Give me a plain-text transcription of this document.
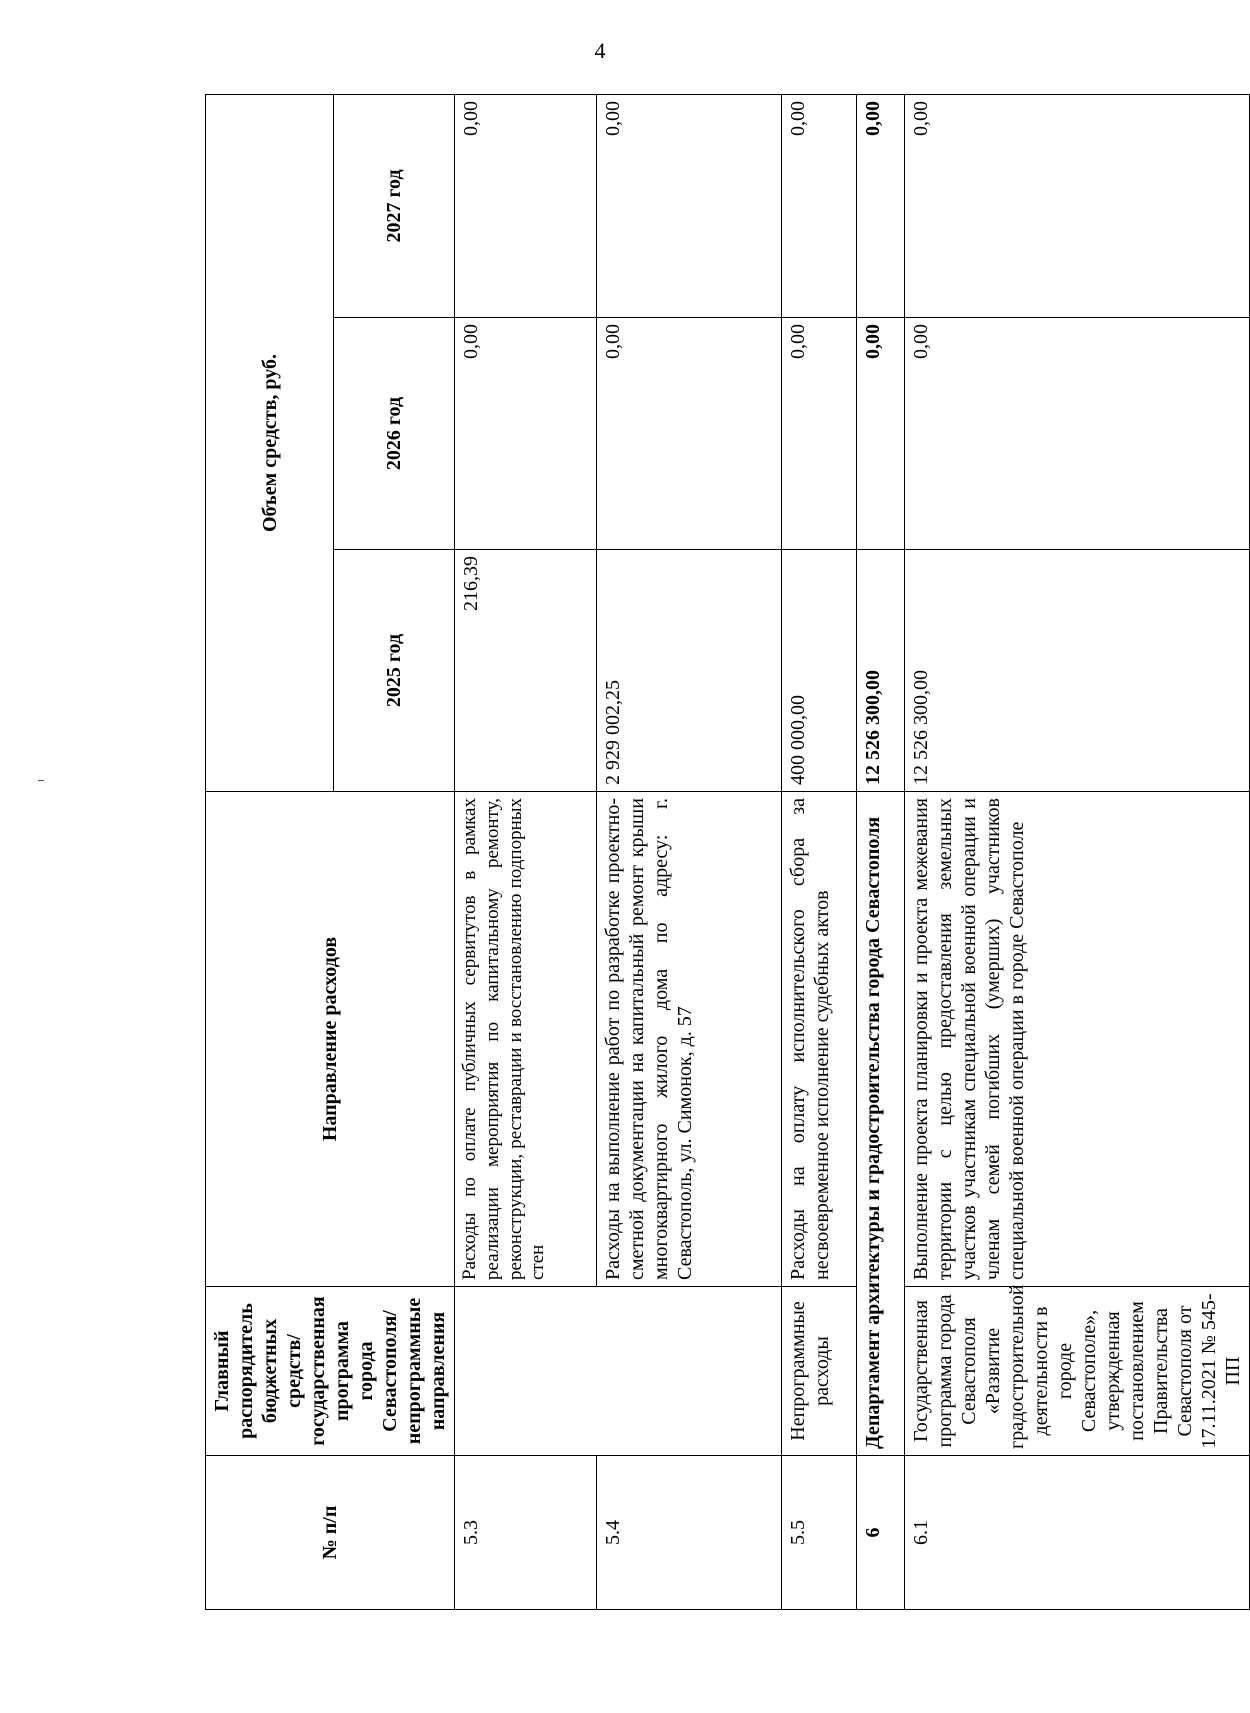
4
№ п/п	Главный распорядитель бюджетных средств/государственная программа города Севастополя/непрограммные направления	Направление расходов	Объем средств, руб.		
			2025 год	2026 год	2027 год
5.3		Расходы по оплате публичных сервитутов в рамках реализации мероприятия по капитальному ремонту, реконструкции, реставрации и восстановлению подпорных стен	216,39	0,00	0,00
5.4		Расходы на выполнение работ по разработке проектно-сметной документации на капитальный ремонт крыши многоквартирного жилого дома по адресу: г. Севастополь, ул. Симонок, д. 57	2 929 002,25	0,00	0,00
5.5	Непрограммные расходы	Расходы на оплату исполнительского сбора за несвоевременное исполнение судебных актов	400 000,00	0,00	0,00
6	Департамент архитектуры и градостроительства города Севастополя		12 526 300,00	0,00	0,00
6.1	Государственная программа города Севастополя «Развитие градостроительной деятельности в городе Севастополе», утвержденная постановлением Правительства Севастополя от 17.11.2021 № 545-ПП	Выполнение проекта планировки и проекта межевания территории с целью предоставления земельных участков участникам специальной военной операции и членам семей погибших (умерших) участников специальной военной операции в городе Севастополе	12 526 300,00	0,00	0,00
